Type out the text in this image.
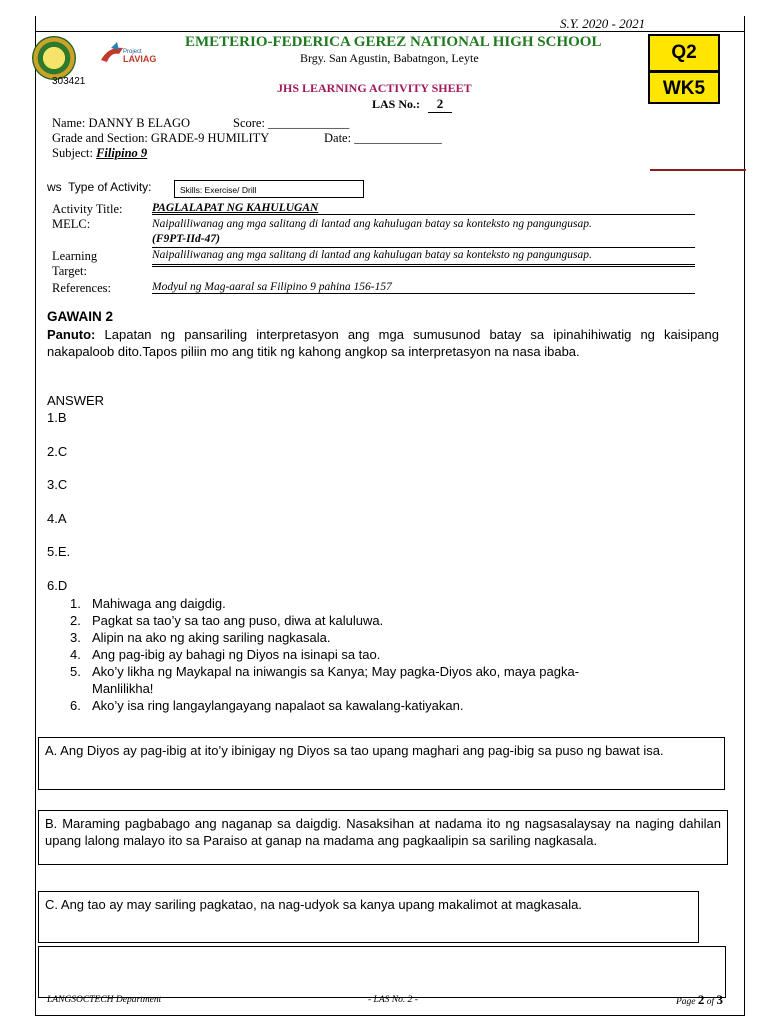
S.Y. 2020 - 2021
Project
LAVIAG
303421
EMETERIO-FEDERICA GEREZ NATIONAL HIGH SCHOOL
Brgy. San Agustin, Babatngon, Leyte
JHS LEARNING ACTIVITY SHEET
LAS No.:	2
Q2
WK5
Name: DANNY B ELAGO	Score: _____________
Grade and Section: GRADE-9 HUMILITY	Date: ______________
Subject: Filipino 9
ws Type of Activity:	Skills: Exercise/ Drill
Activity Title:	PAGLALAPAT NG KAHULUGAN
MELC:	Naipaliliwanag ang mga salitang di lantad ang kahulugan batay sa konteksto ng pangungusap.
(F9PT-IId-47)
Learning
Target:
Naipaliliwanag ang mga salitang di lantad ang kahulugan batay sa konteksto ng pangungusap.
References:	Modyul ng Mag-aaral sa Filipino 9 pahina 156-157
GAWAIN 2
Panuto: Lapatan ng pansariling interpretasyon ang mga sumusunod batay sa ipinahihiwatig ng kaisipang nakapaloob dito.Tapos piliin mo ang titik ng kahong angkop sa interpretasyon na nasa ibaba.
ANSWER
1.B
2.C
3.C
4.A
5.E.
6.D
1. Mahiwaga ang daigdig.
2. Pagkat sa tao’y sa tao ang puso, diwa at kaluluwa.
3. Alipin na ako ng aking sariling nagkasala.
4. Ang pag-ibig ay bahagi ng Diyos na isinapi sa tao.
5. Ako’y likha ng Maykapal na iniwangis sa Kanya; May pagka-Diyos ako, maya pagka-Manlilikha!
6. Ako’y isa ring langaylangayang napalaot sa kawalang-katiyakan.
A. Ang Diyos ay pag-ibig at ito’y ibinigay ng Diyos sa tao upang maghari ang pag-ibig sa puso ng bawat isa.
B. Maraming pagbabago ang naganap sa daigdig. Nasaksihan at nadama ito ng nagsasalaysay na naging dahilan upang lalong malayo ito sa Paraiso at ganap na madama ang pagkaalipin sa sariling nagkasala.
C. Ang tao ay may sariling pagkatao, na nag-udyok sa kanya upang makalimot at magkasala.
LANGSOCTECH Department	- LAS No. 2 -	Page 2 of 3
